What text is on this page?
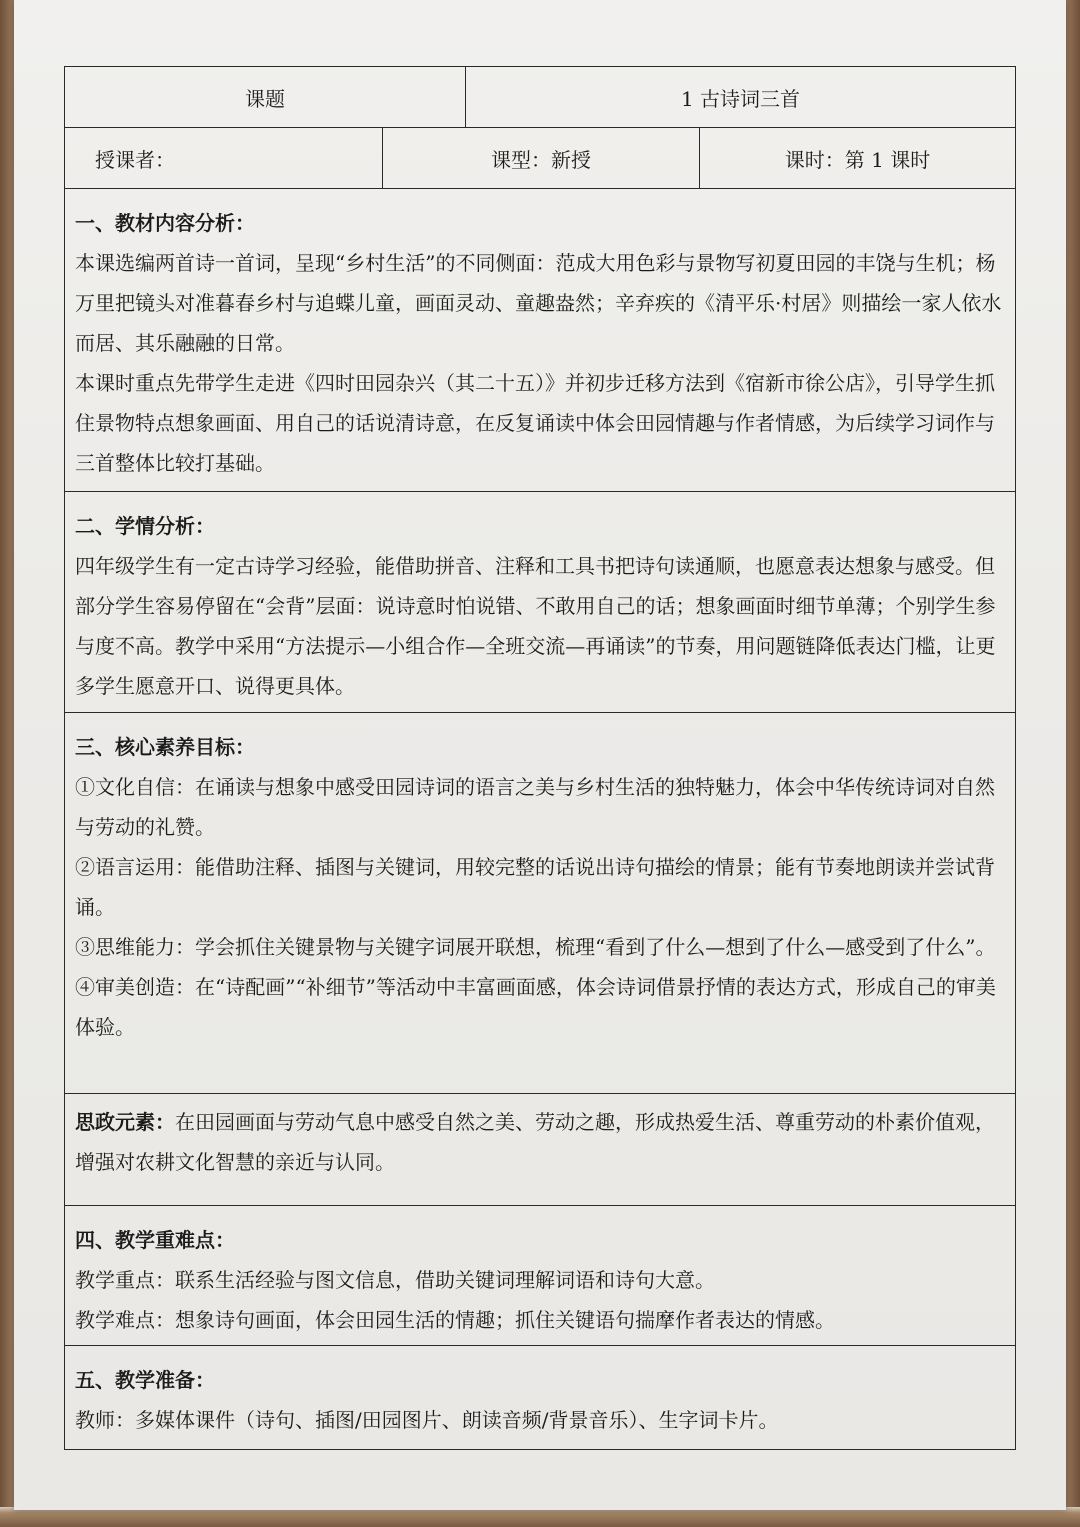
课题	1 古诗词三首
授课者：	课型：新授	课时：第 1 课时

一、教材内容分析：

本课选编两首诗一首词，呈现“乡村生活”的不同侧面：范成大用色彩与景物写初夏田园的丰饶与生机；杨万里把镜头对准暮春乡村与追蝶儿童，画面灵动、童趣盎然；辛弃疾的《清平乐·村居》则描绘一家人依水而居、其乐融融的日常。

本课时重点先带学生走进《四时田园杂兴（其二十五）》并初步迁移方法到《宿新市徐公店》，引导学生抓住景物特点想象画面、用自己的话说清诗意，在反复诵读中体会田园情趣与作者情感，为后续学习词作与三首整体比较打基础。

二、学情分析：

四年级学生有一定古诗学习经验，能借助拼音、注释和工具书把诗句读通顺，也愿意表达想象与感受。但部分学生容易停留在“会背”层面：说诗意时怕说错、不敢用自己的话；想象画面时细节单薄；个别学生参与度不高。教学中采用“方法提示—小组合作—全班交流—再诵读”的节奏，用问题链降低表达门槛，让更多学生愿意开口、说得更具体。

三、核心素养目标：

①文化自信：在诵读与想象中感受田园诗词的语言之美与乡村生活的独特魅力，体会中华传统诗词对自然与劳动的礼赞。

②语言运用：能借助注释、插图与关键词，用较完整的话说出诗句描绘的情景；能有节奏地朗读并尝试背诵。

③思维能力：学会抓住关键景物与关键字词展开联想，梳理“看到了什么—想到了什么—感受到了什么”。

④审美创造：在“诗配画”“补细节”等活动中丰富画面感，体会诗词借景抒情的表达方式，形成自己的审美体验。

思政元素：在田园画面与劳动气息中感受自然之美、劳动之趣，形成热爱生活、尊重劳动的朴素价值观，增强对农耕文化智慧的亲近与认同。

四、教学重难点：

教学重点：联系生活经验与图文信息，借助关键词理解词语和诗句大意。

教学难点：想象诗句画面，体会田园生活的情趣；抓住关键语句揣摩作者表达的情感。

五、教学准备：

教师：多媒体课件（诗句、插图/田园图片、朗读音频/背景音乐）、生字词卡片。
